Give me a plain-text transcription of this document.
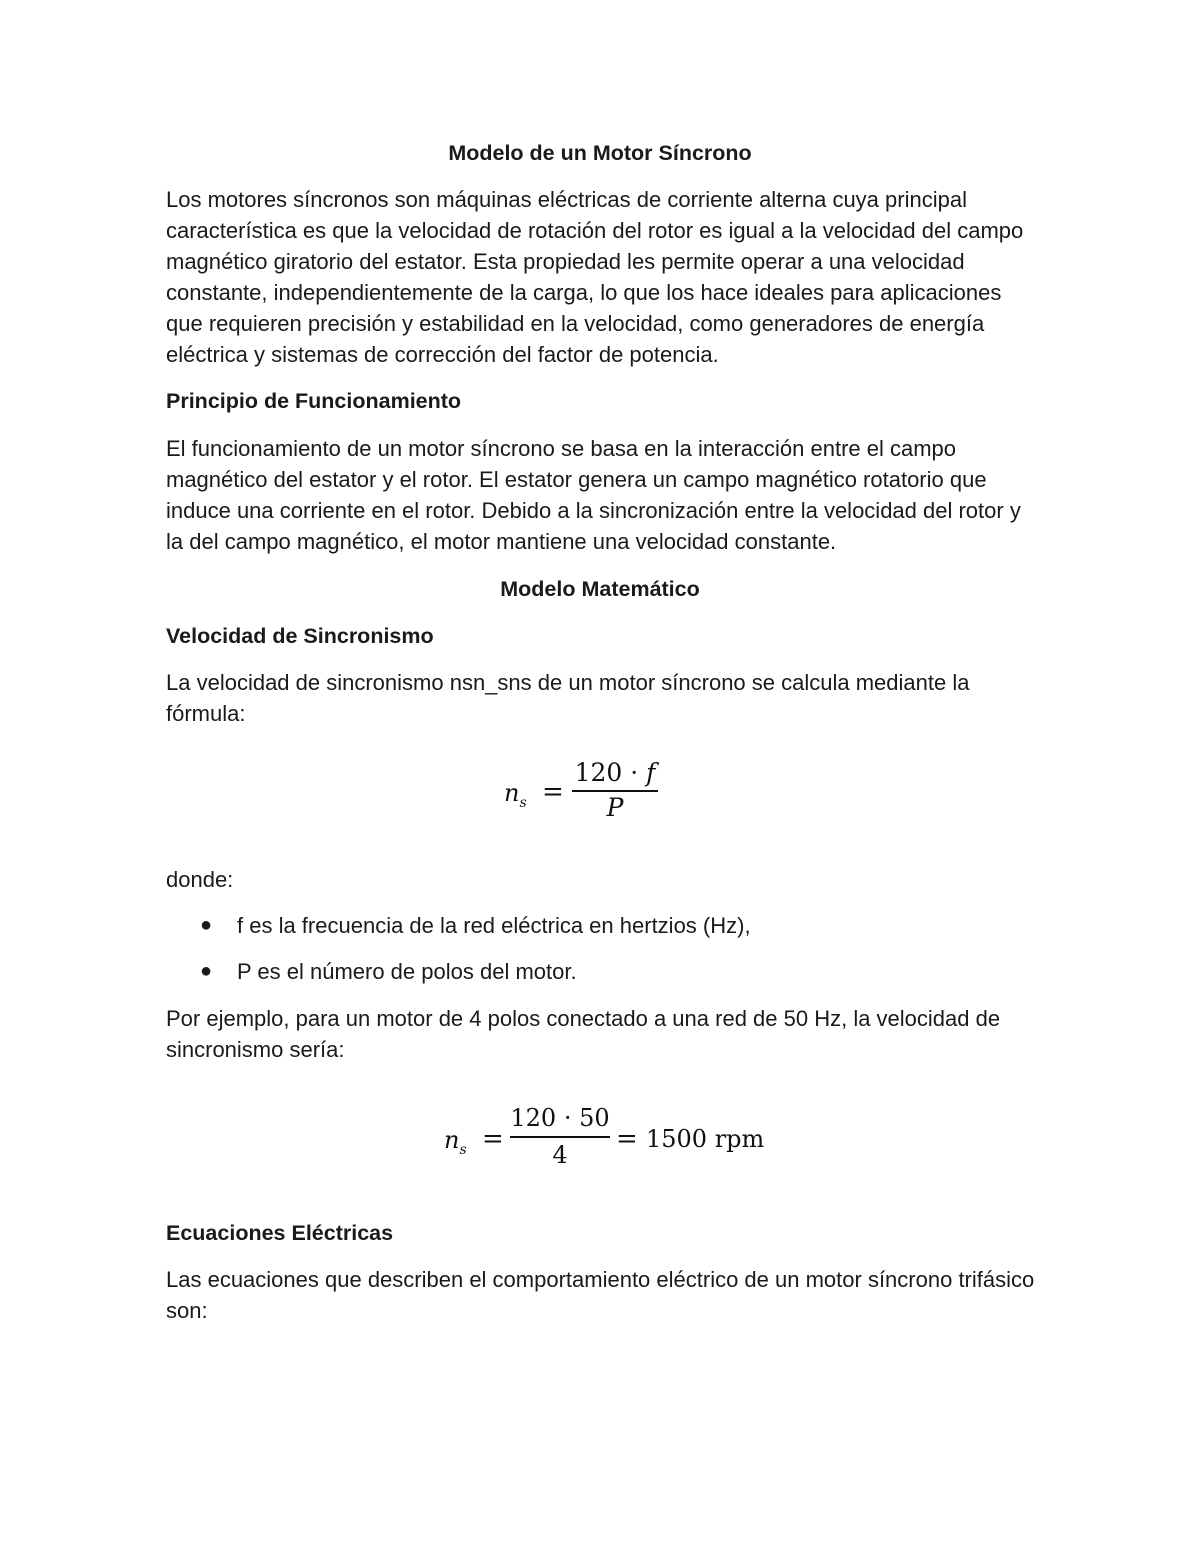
Modelo de un Motor Síncrono

Los motores síncronos son máquinas eléctricas de corriente alterna cuya principal característica es que la velocidad de rotación del rotor es igual a la velocidad del campo magnético giratorio del estator. Esta propiedad les permite operar a una velocidad constante, independientemente de la carga, lo que los hace ideales para aplicaciones que requieren precisión y estabilidad en la velocidad, como generadores de energía eléctrica y sistemas de corrección del factor de potencia.

Principio de Funcionamiento

El funcionamiento de un motor síncrono se basa en la interacción entre el campo magnético del estator y el rotor. El estator genera un campo magnético rotatorio que induce una corriente en el rotor. Debido a la sincronización entre la velocidad del rotor y la del campo magnético, el motor mantiene una velocidad constante.

Modelo Matemático
Velocidad de Sincronismo

La velocidad de sincronismo nsn_sns de un motor síncrono se calcula mediante la fórmula:

$n_s$ =
120 · f
P
donde:
● f es la frecuencia de la red eléctrica en hertzios (Hz),
● P es el número de polos del motor.

Por ejemplo, para un motor de 4 polos conectado a una red de 50 Hz, la velocidad de sincronismo sería:

$n_s$ =
120 · 50
4
= 1500 rpm
Ecuaciones Eléctricas

Las ecuaciones que describen el comportamiento eléctrico de un motor síncrono trifásico son:
